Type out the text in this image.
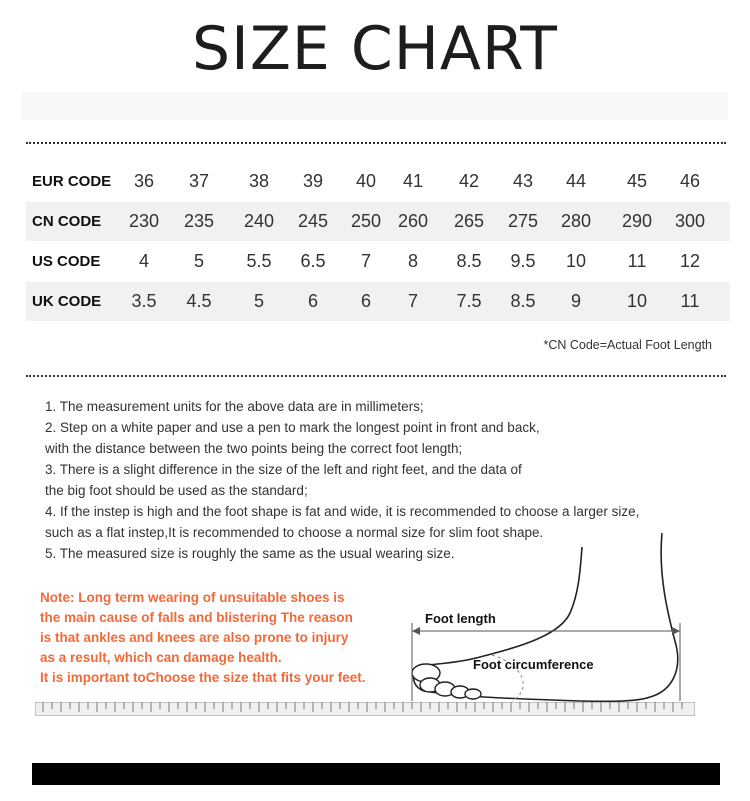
SIZE CHART
EUR CODE	36	37	38	39	40	41	42	43	44	45	46
CN CODE	230	235	240	245	250 260	265	275	280	290	300
US CODE	4	5	5.5	6.5	7	8	8.5	9.5	10	11	12
UK CODE	3.5	4.5	5	6	6	7	7.5	8.5	9	10	11
*CN Code=Actual Foot Length
1. The measurement units for the above data are in millimeters;
2. Step on a white paper and use a pen to mark the longest point in front and back,
with the distance between the two points being the correct foot length;
3. There is a slight difference in the size of the left and right feet, and the data of
the big foot should be used as the standard;
4. If the instep is high and the foot shape is fat and wide, it is recommended to choose a larger size,
such as a flat instep,It is recommended to choose a normal size for slim foot shape.
5. The measured size is roughly the same as the usual wearing size.
Note: Long term wearing of unsuitable shoes is
the main cause of falls and blistering The reason
is that ankles and knees are also prone to injury
as a result, which can damage health.
It is important toChoose the size that fits your feet.
Foot length
Foot circumference
